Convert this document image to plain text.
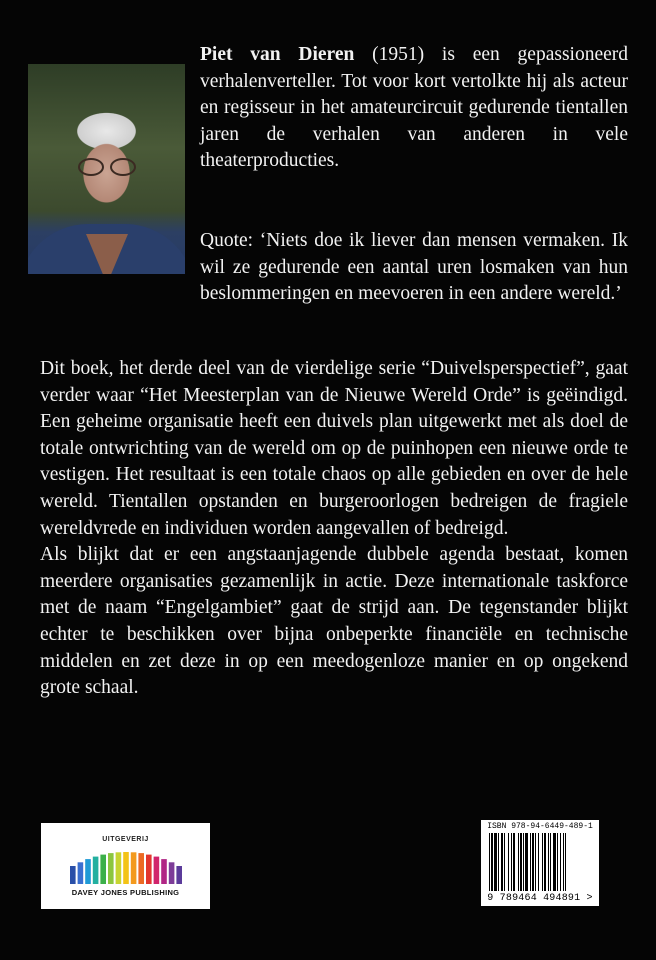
Piet van Dieren (1951) is een gepassioneerd verhalenverteller. Tot voor kort vertolkte hij als acteur en regisseur in het amateurcircuit gedurende tientallen jaren de verhalen van anderen in vele theaterproducties.

Quote: ‘Niets doe ik liever dan mensen vermaken. Ik wil ze gedurende een aantal uren losmaken van hun beslommeringen en meevoeren in een andere wereld.’

Dit boek, het derde deel van de vierdelige serie “Duivelsperspectief”, gaat verder waar “Het Meesterplan van de Nieuwe Wereld Orde” is geëindigd. Een geheime organisatie heeft een duivels plan uitgewerkt met als doel de totale ontwrichting van de wereld om op de puinhopen een nieuwe orde te vestigen. Het resultaat is een totale chaos op alle gebieden en over de hele wereld. Tientallen opstanden en burgeroorlogen bedreigen de fragiele wereldvrede en individuen worden aangevallen of bedreigd.

Als blijkt dat er een angstaanjagende dubbele agenda bestaat, komen meerdere organisaties gezamenlijk in actie. Deze internationale taskforce met de naam “Engelgambiet” gaat de strijd aan. De tegenstander blijkt echter te beschikken over bijna onbeperkte financiële en technische middelen en zet deze in op een meedogenloze manier en op ongekend grote schaal.

UITGEVERIJ
DAVEY JONES PUBLISHING
ISBN 978-94-6449-489-1
9 789464 494891 >
